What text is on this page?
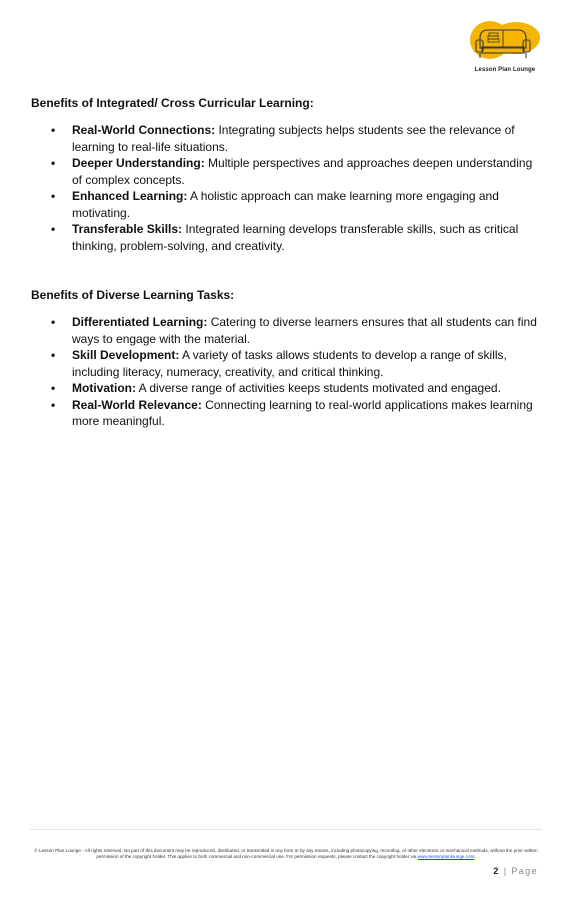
Lesson Plan Lounge
Benefits of Integrated/ Cross Curricular Learning:
• Real-World Connections: Integrating subjects helps students see the relevance of learning to real-life situations.
• Deeper Understanding: Multiple perspectives and approaches deepen understanding of complex concepts.
• Enhanced Learning: A holistic approach can make learning more engaging and motivating.
• Transferable Skills: Integrated learning develops transferable skills, such as critical thinking, problem-solving, and creativity.
Benefits of Diverse Learning Tasks:
• Differentiated Learning: Catering to diverse learners ensures that all students can find ways to engage with the material.
• Skill Development: A variety of tasks allows students to develop a range of skills, including literacy, numeracy, creativity, and critical thinking.
• Motivation: A diverse range of activities keeps students motivated and engaged.
• Real-World Relevance: Connecting learning to real-world applications makes learning more meaningful.
© Lesson Plan Lounge - All rights reserved. No part of this document may be reproduced, distributed, or transmitted in any form or by any means, including photocopying, recording, or other electronic or mechanical methods, without the prior written permission of the copyright holder. This applies to both commercial and non-commercial use. For permission requests, please contact the copyright holder via www.lessonplanlounge.com.
2 | Page
